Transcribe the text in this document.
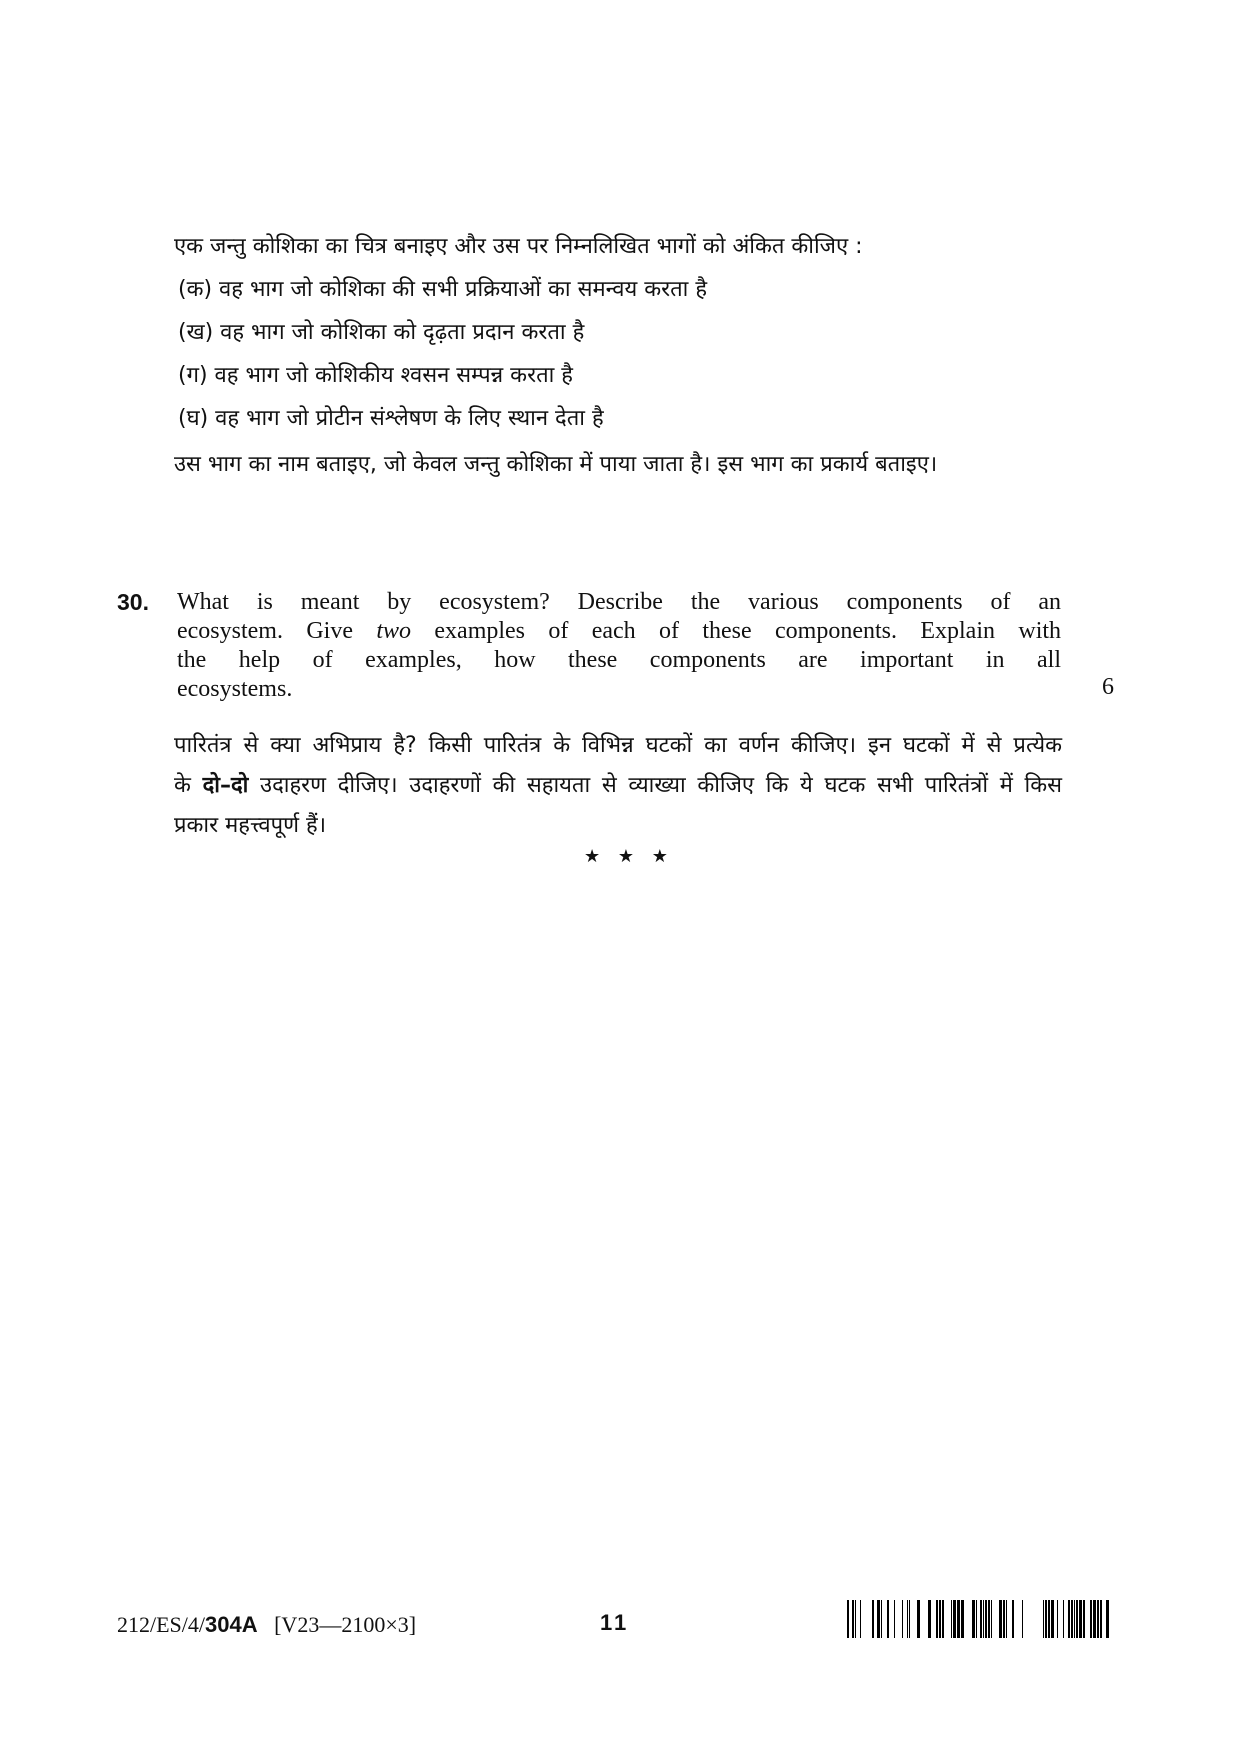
एक जन्तु कोशिका का चित्र बनाइए और उस पर निम्नलिखित भागों को अंकित कीजिए :
(क) वह भाग जो कोशिका की सभी प्रक्रियाओं का समन्वय करता है
(ख) वह भाग जो कोशिका को दृढ़ता प्रदान करता है
(ग) वह भाग जो कोशिकीय श्वसन सम्पन्न करता है
(घ) वह भाग जो प्रोटीन संश्लेषण के लिए स्थान देता है
उस भाग का नाम बताइए, जो केवल जन्तु कोशिका में पाया जाता है। इस भाग का प्रकार्य बताइए।
30. What is meant by ecosystem? Describe the various components of an
ecosystem. Give two examples of each of these components. Explain with
the help of examples, how these components are important in all
ecosystems.	6
पारितंत्र से क्या अभिप्राय है? किसी पारितंत्र के विभिन्न घटकों का वर्णन कीजिए। इन घटकों में से प्रत्येक
के दो–दो उदाहरण दीजिए। उदाहरणों की सहायता से व्याख्या कीजिए कि ये घटक सभी पारितंत्रों में किस
प्रकार महत्त्वपूर्ण हैं।
★ ★ ★
212/ES/4/304A [V23—2100×3]	11
